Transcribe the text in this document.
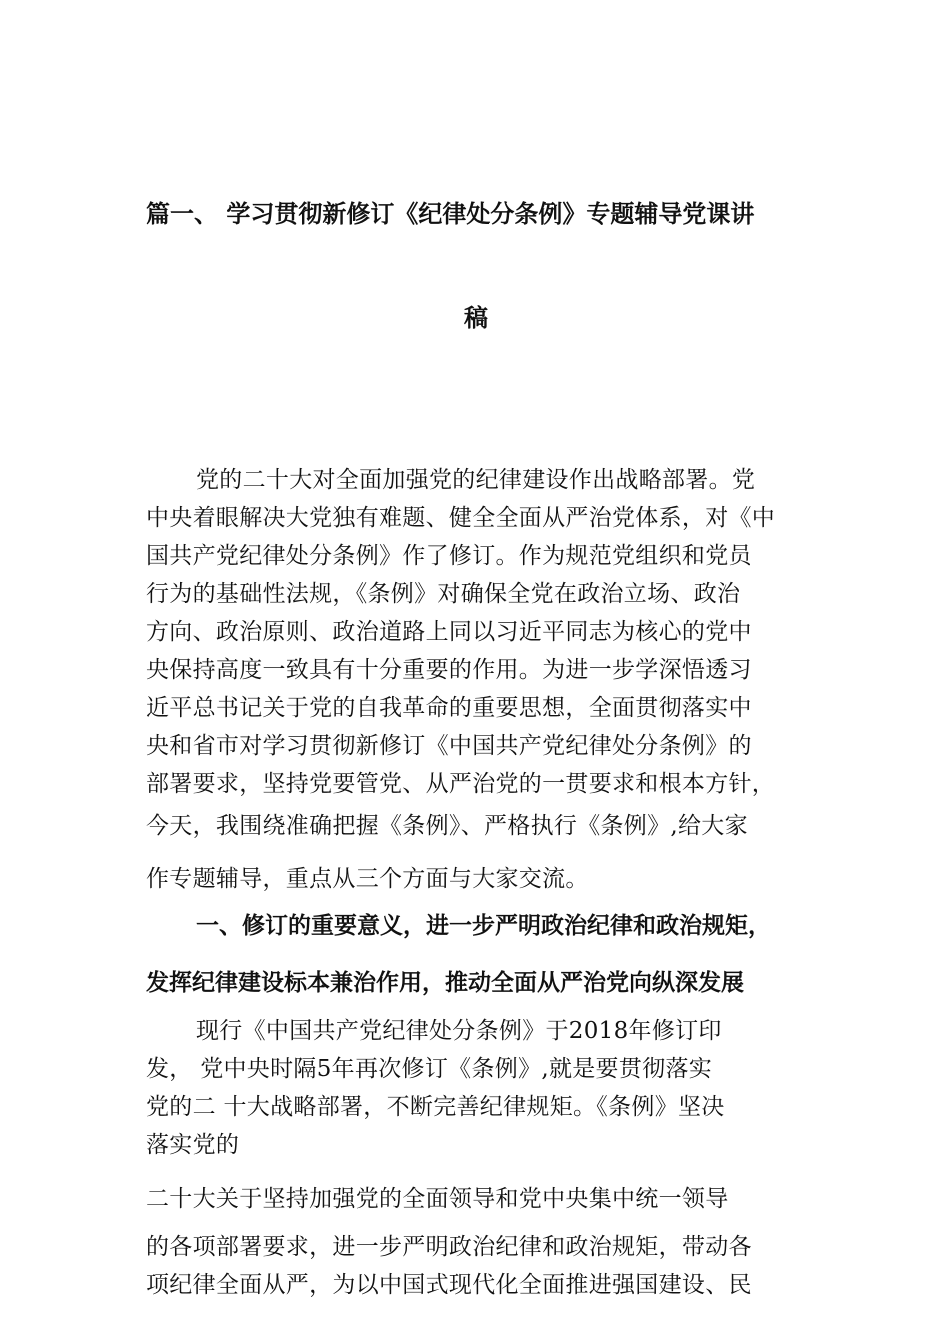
篇一、 学习贯彻新修订《纪律处分条例》专题辅导党课讲
稿
党的二十大对全面加强党的纪律建设作出战略部署。党
中央着眼解决大党独有难题、健全全面从严治党体系，对《中
国共产党纪律处分条例》作了修订。作为规范党组织和党员
行为的基础性法规，《条例》对确保全党在政治立场、政治
方向、政治原则、政治道路上同以习近平同志为核心的党中
央保持高度一致具有十分重要的作用。为进一步学深悟透习
近平总书记关于党的自我革命的重要思想，全面贯彻落实中
央和省市对学习贯彻新修订《中国共产党纪律处分条例》的
部署要求，坚持党要管党、从严治党的一贯要求和根本方针，
今天，我围绕准确把握《条例》、严格执行《条例》,给大家
作专题辅导，重点从三个方面与大家交流。
一、修订的重要意义，进一步严明政治纪律和政治规矩，
发挥纪律建设标本兼治作用，推动全面从严治党向纵深发展
现行《中国共产党纪律处分条例》于2018年修订印
发， 党中央时隔5年再次修订《条例》,就是要贯彻落实
党的二 十大战略部署，不断完善纪律规矩。《条例》坚决
落实党的
二十大关于坚持加强党的全面领导和党中央集中统一领导
的各项部署要求，进一步严明政治纪律和政治规矩，带动各
项纪律全面从严，为以中国式现代化全面推进强国建设、民
